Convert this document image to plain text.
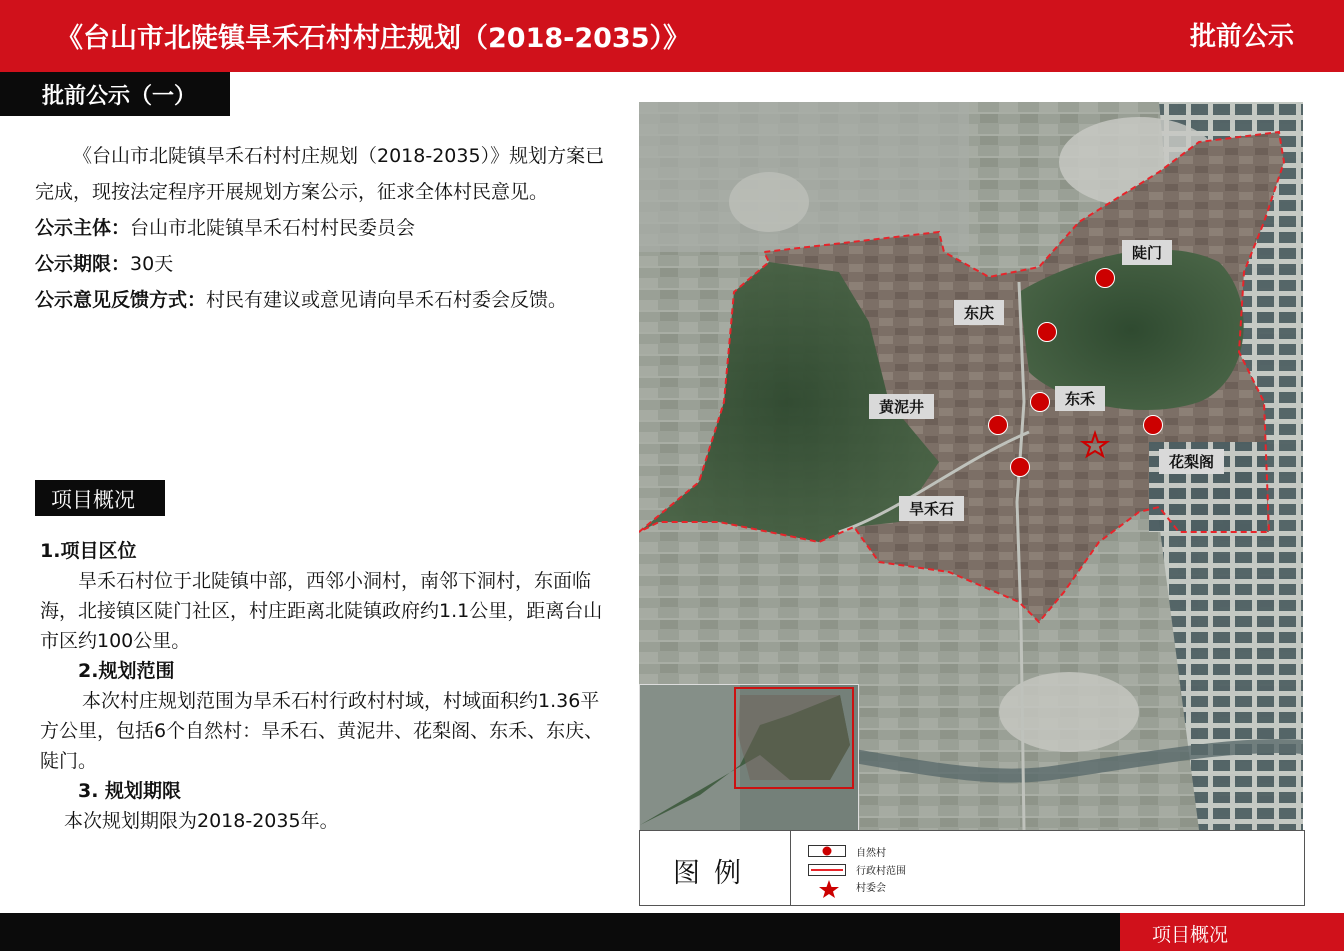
《台山市北陡镇旱禾石村村庄规划（2018-2035）》	批前公示
批前公示（一）

《台山市北陡镇旱禾石村村庄规划（2018-2035）》规划方案已完成，现按法定程序开展规划方案公示，征求全体村民意见。

公示主体：台山市北陡镇旱禾石村村民委员会

公示期限：30天

公示意见反馈方式：村民有建议或意见请向旱禾石村委会反馈。

项目概况

1.项目区位

旱禾石村位于北陡镇中部，西邻小洞村，南邻下洞村，东面临海，北接镇区陡门社区，村庄距离北陡镇政府约1.1公里，距离台山市区约100公里。

2.规划范围

本次村庄规划范围为旱禾石村行政村村域，村域面积约1.36平方公里，包括6个自然村：旱禾石、黄泥井、花梨阁、东禾、东庆、陡门。

3. 规划期限

本次规划期限为2018-2035年。

陡门
东庆
东禾
黄泥井
花梨阁
旱禾石
图例
自然村
行政村范围
村委会
项目概况
